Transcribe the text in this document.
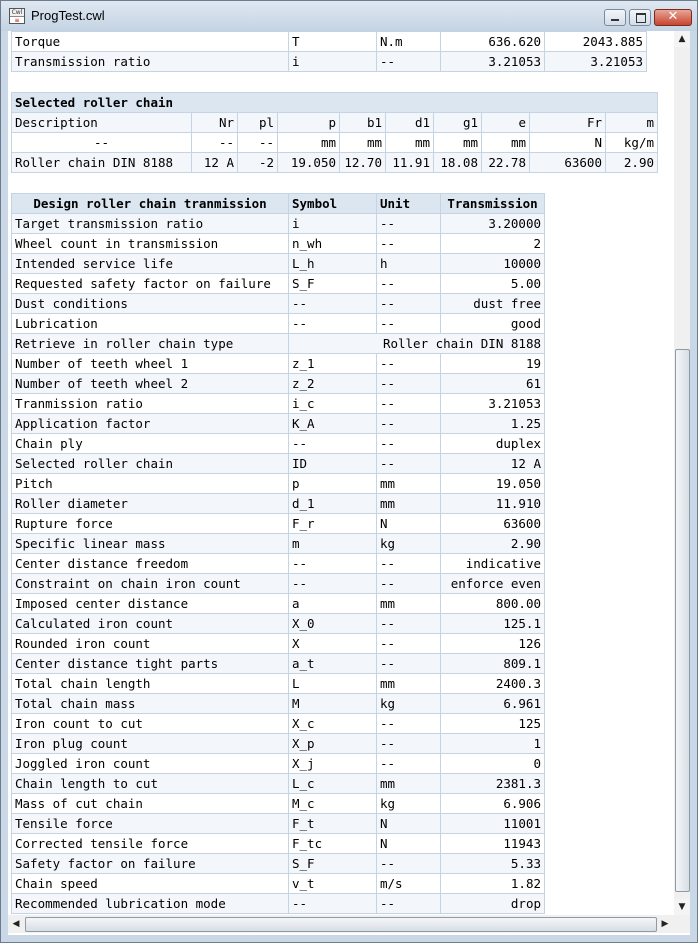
Cwl
≡ ProgTest.cwl	✕
Torque	T	N.m	636.620	2043.885
Transmission ratio	i	--	3.21053	3.21053
Selected roller chain									
Description	Nr	pl	p	b1	d1	g1	e	Fr	m
--	--	--	mm	mm	mm	mm	mm	N	kg/m
Roller chain DIN 8188	12 A	-2	19.050	12.70	11.91	18.08	22.78	63600	2.90
Design roller chain tranmission	Symbol	Unit	Transmission
Target transmission ratio	i	--	3.20000
Wheel count in transmission	n_wh	--	2
Intended service life	L_h	h	10000
Requested safety factor on failure	S_F	--	5.00
Dust conditions	--	--	dust free
Lubrication	--	--	good
Retrieve in roller chain type	Roller chain DIN 8188		
Number of teeth wheel 1	z_1	--	19
Number of teeth wheel 2	z_2	--	61
Tranmission ratio	i_c	--	3.21053
Application factor	K_A	--	1.25
Chain ply	--	--	duplex
Selected roller chain	ID	--	12 A
Pitch	p	mm	19.050
Roller diameter	d_1	mm	11.910
Rupture force	F_r	N	63600
Specific linear mass	m	kg	2.90
Center distance freedom	--	--	indicative
Constraint on chain iron count	--	--	enforce even
Imposed center distance	a	mm	800.00
Calculated iron count	X_0	--	125.1
Rounded iron count	X	--	126
Center distance tight parts	a_t	--	809.1
Total chain length	L	mm	2400.3
Total chain mass	M	kg	6.961
Iron count to cut	X_c	--	125
Iron plug count	X_p	--	1
Joggled iron count	X_j	--	0
Chain length to cut	L_c	mm	2381.3
Mass of cut chain	M_c	kg	6.906
Tensile force	F_t	N	11001
Corrected tensile force	F_tc	N	11943
Safety factor on failure	S_F	--	5.33
Chain speed	v_t	m/s	1.82
Recommended lubrication mode	--	--	drop
▲
▼
◀	▶
